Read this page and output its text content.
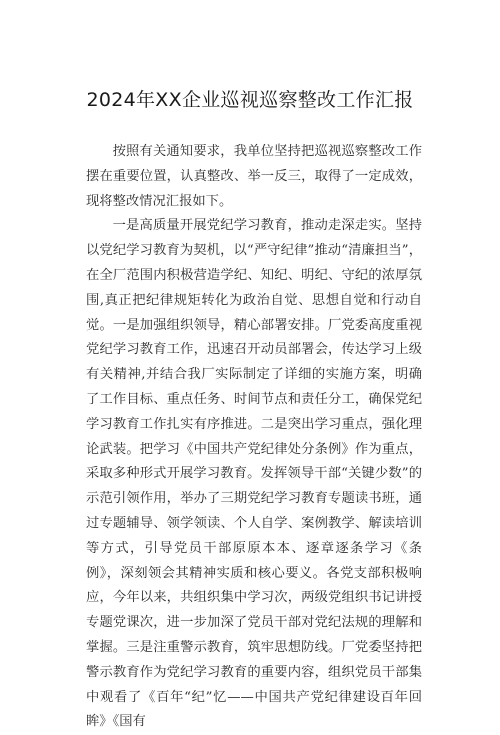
2024年XX企业巡视巡察整改工作汇报

按照有关通知要求，我单位坚持把巡视巡察整改工作摆在重要位置，认真整改、举一反三，取得了一定成效，现将整改情况汇报如下。

一是高质量开展党纪学习教育，推动走深走实。坚持以党纪学习教育为契机，以“严守纪律”推动“清廉担当”，在全厂范围内积极营造学纪、知纪、明纪、守纪的浓厚氛围,真正把纪律规矩转化为政治自觉、思想自觉和行动自觉。一是加强组织领导，精心部署安排。厂党委高度重视党纪学习教育工作，迅速召开动员部署会，传达学习上级有关精神,并结合我厂实际制定了详细的实施方案，明确了工作目标、重点任务、时间节点和责任分工，确保党纪学习教育工作扎实有序推进。二是突出学习重点，强化理论武装。把学习《中国共产党纪律处分条例》作为重点，采取多种形式开展学习教育。发挥领导干部“关键少数”的示范引领作用，举办了三期党纪学习教育专题读书班，通过专题辅导、领学领读、个人自学、案例教学、解读培训等方式，引导党员干部原原本本、逐章逐条学习《条例》，深刻领会其精神实质和核心要义。各党支部积极响应，今年以来，共组织集中学习次，两级党组织书记讲授专题党课次，进一步加深了党员干部对党纪法规的理解和掌握。三是注重警示教育，筑牢思想防线。厂党委坚持把警示教育作为党纪学习教育的重要内容，组织党员干部集中观看了《百年“纪”忆——中国共产党纪律建设百年回眸》《国有
